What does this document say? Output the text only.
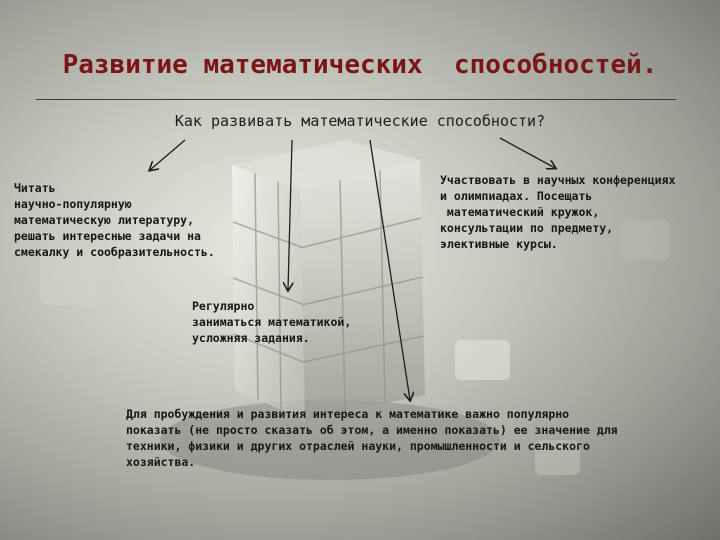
Развитие математических  способностей.
Как развивать математические способности?
Читать
научно-популярную
математическую литературу,
решать интересные задачи на
смекалку и сообразительность.
Участвовать в научных конференциях
и олимпиадах. Посещать
математический кружок,
консультации по предмету,
элективные курсы.
Регулярно
заниматься математикой,
усложняя задания.
Для пробуждения и развития интереса к математике важно популярно
показать (не просто сказать об этом, а именно показать) ее значение для
техники, физики и других отраслей науки, промышленности и сельского
хозяйства.
